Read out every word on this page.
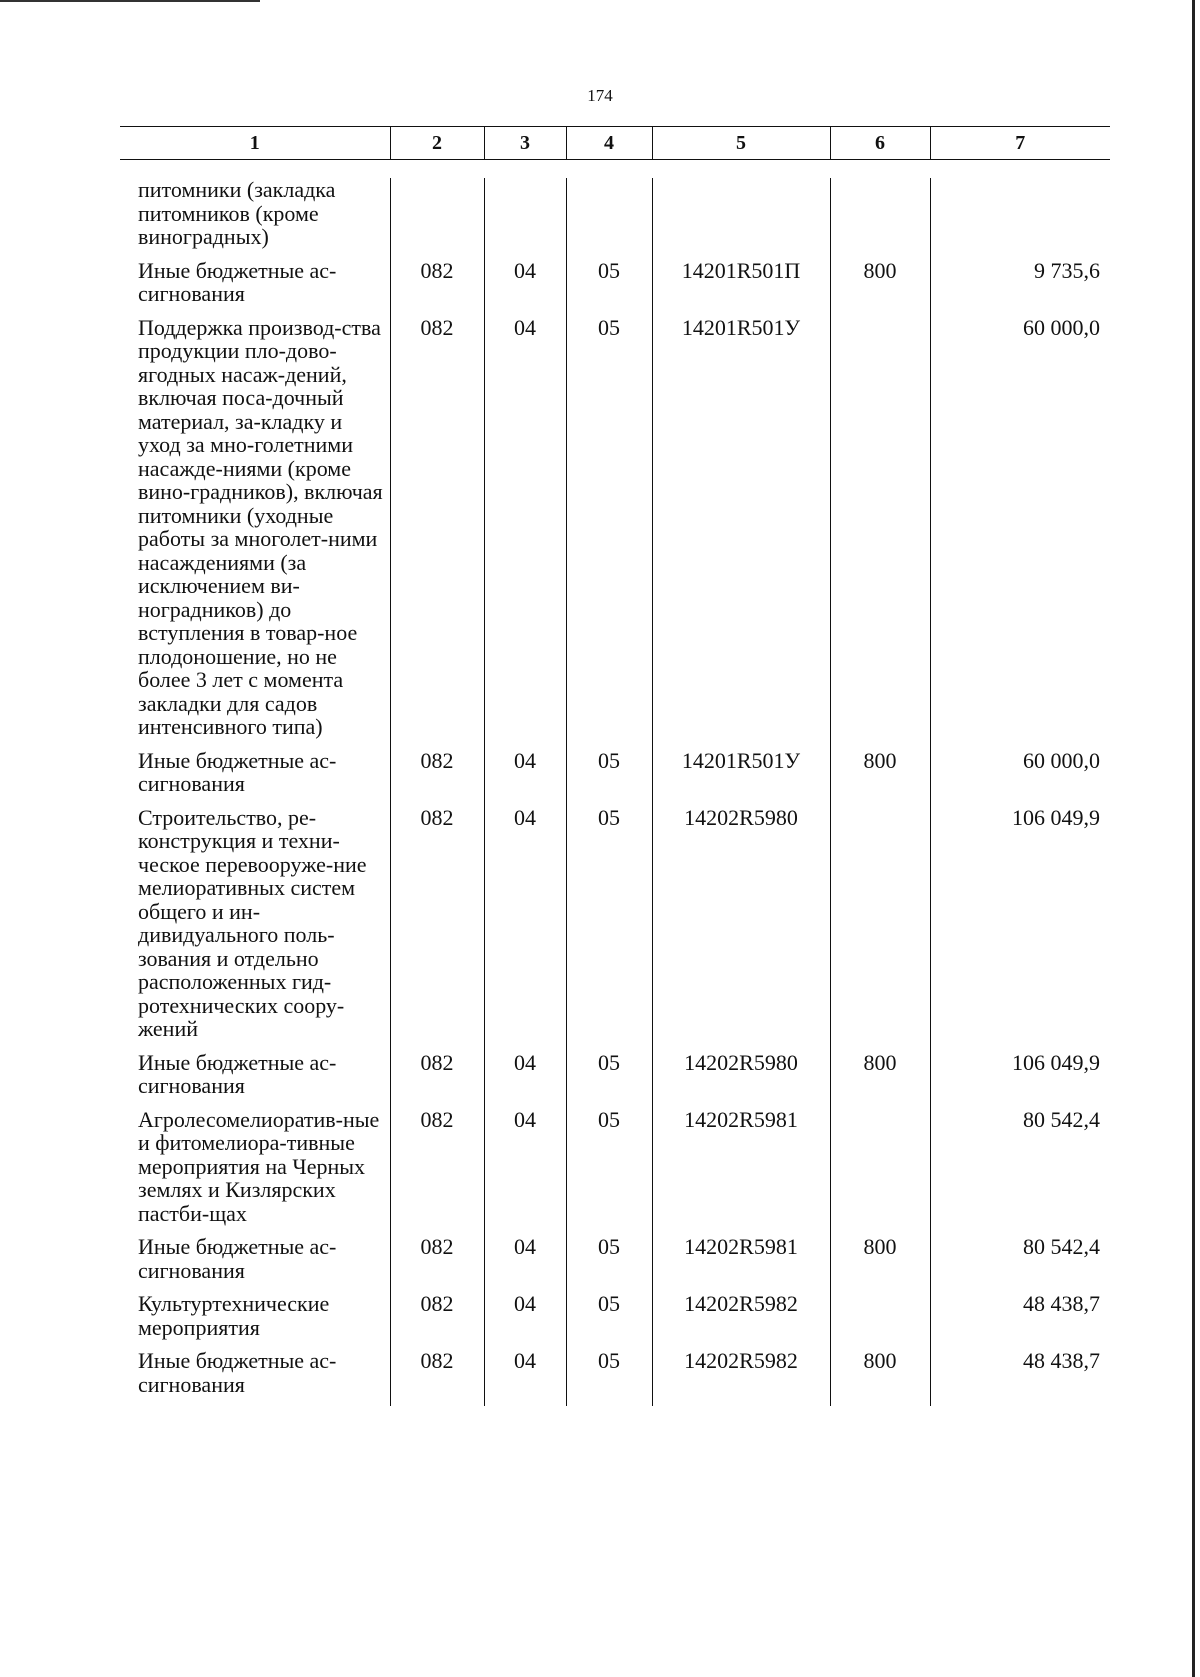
174
1	2	3	4	5	6	7
питомники (закладка питомников (кроме виноградных)						
Иные бюджетные ас-сигнования	082	04	05	14201R501П	800	9 735,6
Поддержка производ-ства продукции пло-дово-ягодных насаж-дений, включая поса-дочный материал, за-кладку и уход за мно-голетними насажде-ниями (кроме вино-градников), включая питомники (уходные работы за многолет-ними насаждениями (за исключением ви-ноградников) до вступления в товар-ное плодоношение, но не более 3 лет с момента закладки для садов интенсивного типа)	082	04	05	14201R501У		60 000,0
Иные бюджетные ас-сигнования	082	04	05	14201R501У	800	60 000,0
Строительство, ре-конструкция и техни-ческое перевооруже-ние мелиоративных систем общего и ин-дивидуального поль-зования и отдельно расположенных гид-ротехнических соору-жений	082	04	05	14202R5980		106 049,9
Иные бюджетные ас-сигнования	082	04	05	14202R5980	800	106 049,9
Агролесомелиоратив-ные и фитомелиора-тивные мероприятия на Черных землях и Кизлярских пастби-щах	082	04	05	14202R5981		80 542,4
Иные бюджетные ас-сигнования	082	04	05	14202R5981	800	80 542,4
Культуртехнические мероприятия	082	04	05	14202R5982		48 438,7
Иные бюджетные ас-сигнования	082	04	05	14202R5982	800	48 438,7
